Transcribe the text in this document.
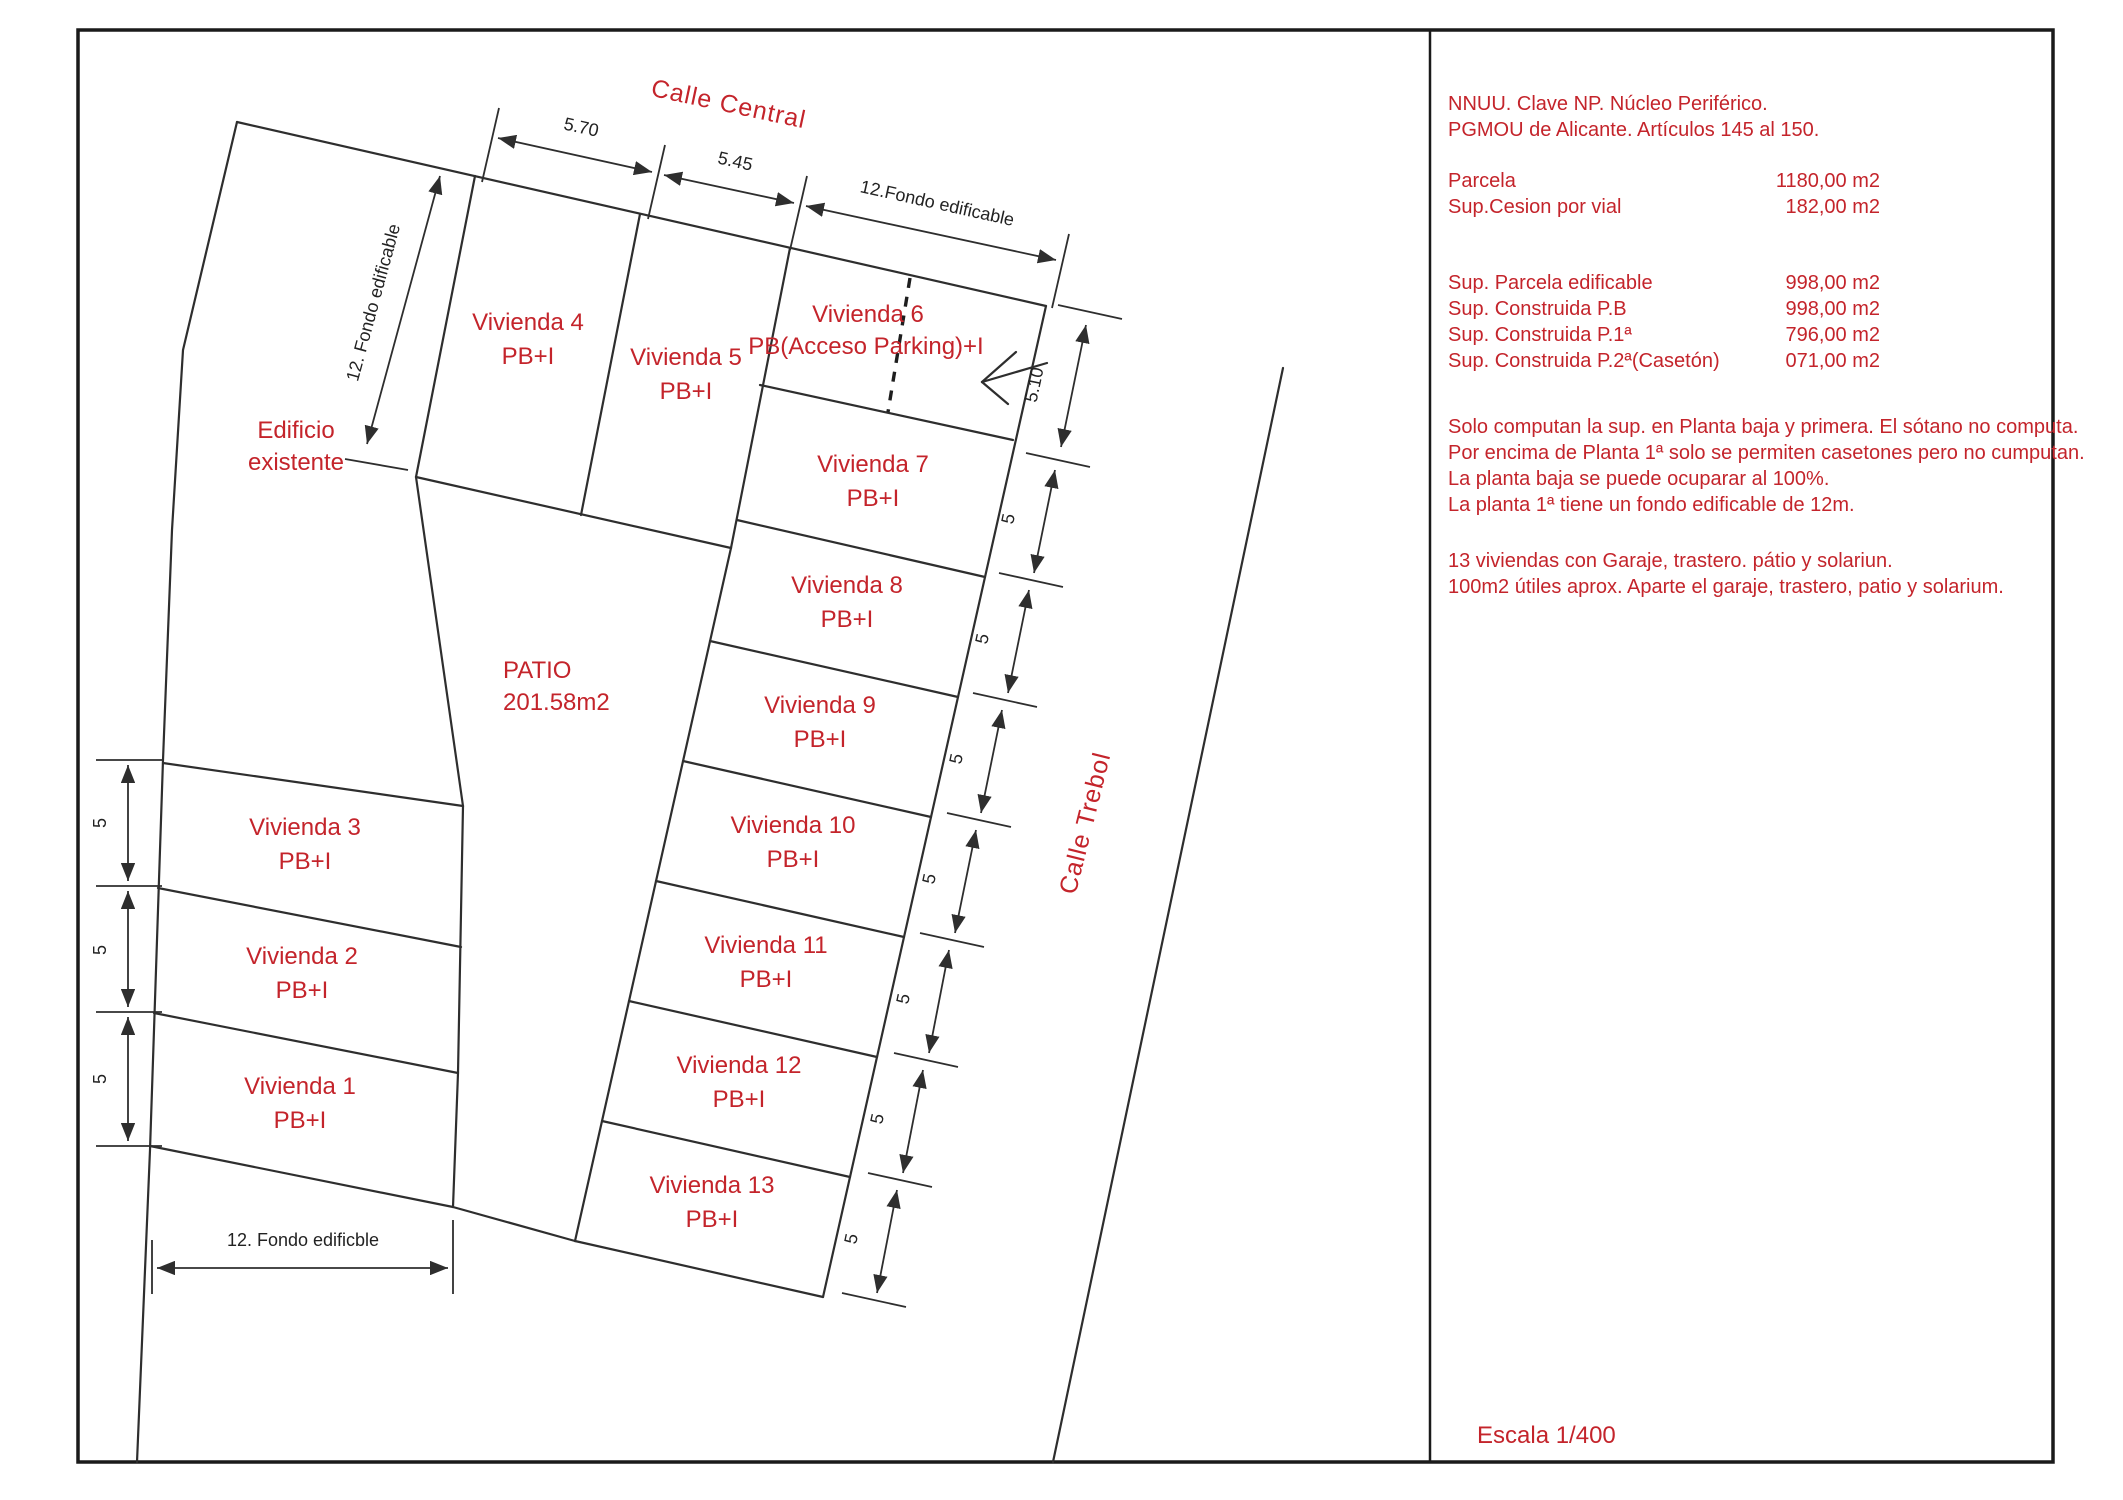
5.70
5.45
12.Fondo edificable
12. Fondo edificable
12. Fondo edificble
5.10
5
5
5
5
5
5
5
5
5
5
Calle Central
Calle Trebol
Vivienda 1
PB+I
Vivienda 2
PB+I
Vivienda 3
PB+I
Vivienda 4
PB+I	Vivienda 5
PB+I
Vivienda 6
PB(Acceso Parking)+I
Vivienda 7
PB+I
Vivienda 8
PB+I
Vivienda 9
PB+I
Vivienda 10
PB+I
Vivienda 11
PB+I
Vivienda 12
PB+I
Vivienda 13
PB+I
PATIO
201.58m2
Edificio
existente
NNUU. Clave NP. Núcleo Periférico.
PGMOU de Alicante. Artículos 145 al 150.
Parcela	1180,00 m2
Sup.Cesion por vial	182,00 m2
Sup. Parcela edificable	998,00 m2
Sup. Construida P.B	998,00 m2
Sup. Construida P.1ª	796,00 m2
Sup. Construida P.2ª(Casetón)	071,00 m2
Solo computan la sup. en Planta baja y primera. El sótano no computa.
Por encima de Planta 1ª solo se permiten casetones pero no cumputan.
La planta baja se puede ocuparar al 100%.
La planta 1ª tiene un fondo edificable de 12m.
13 viviendas con Garaje, trastero. pátio y solariun.
100m2 útiles aprox. Aparte el garaje, trastero, patio y solarium.
Escala 1/400
